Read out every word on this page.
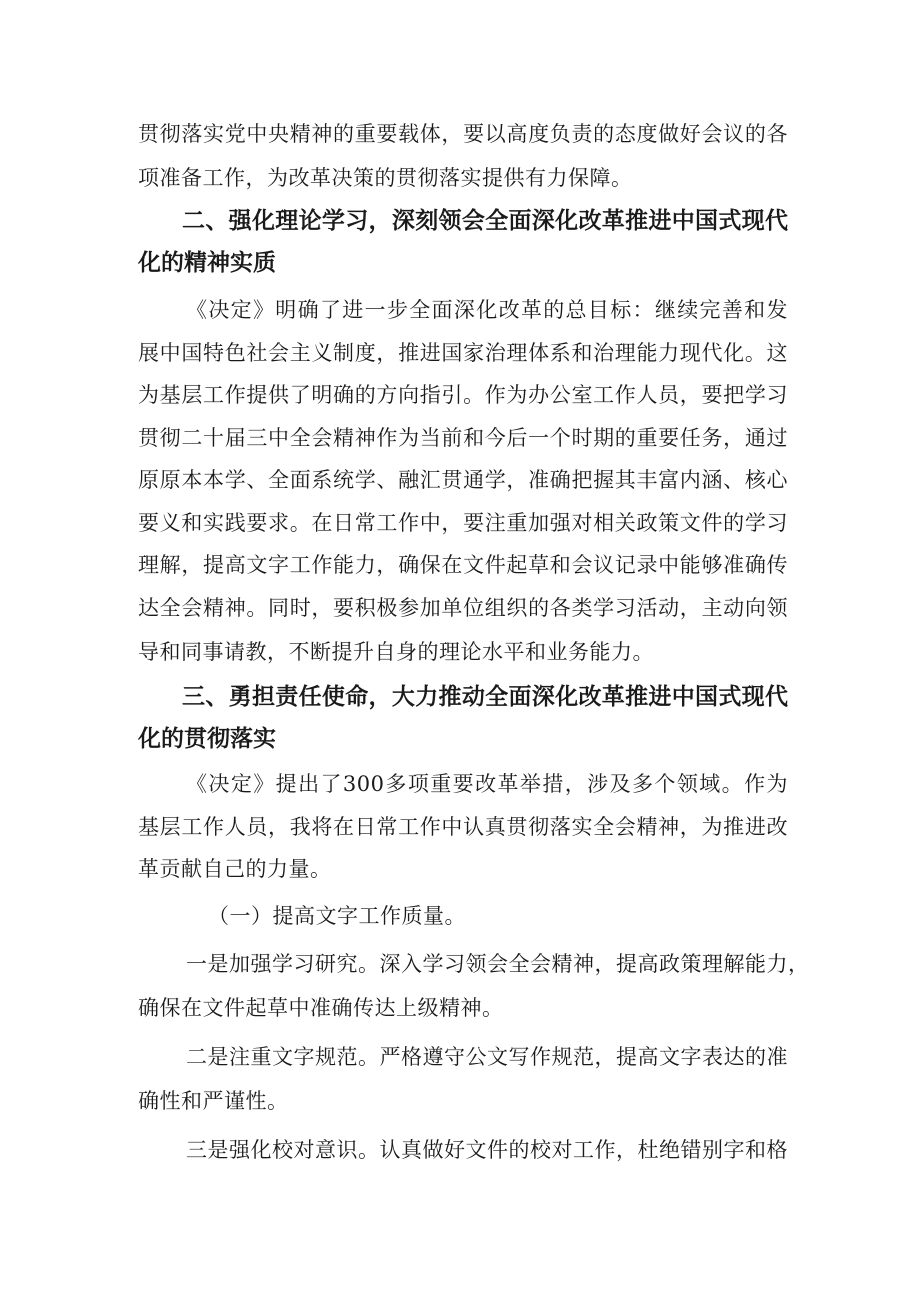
贯彻落实党中央精神的重要载体，要以高度负责的态度做好会议的各
项准备工作，为改革决策的贯彻落实提供有力保障。
二、强化理论学习，深刻领会全面深化改革推进中国式现代
化的精神实质
《决定》明确了进一步全面深化改革的总目标：继续完善和发
展中国特色社会主义制度，推进国家治理体系和治理能力现代化。这
为基层工作提供了明确的方向指引。作为办公室工作人员，要把学习
贯彻二十届三中全会精神作为当前和今后一个时期的重要任务，通过
原原本本学、全面系统学、融汇贯通学，准确把握其丰富内涵、核心
要义和实践要求。在日常工作中，要注重加强对相关政策文件的学习
理解，提高文字工作能力，确保在文件起草和会议记录中能够准确传
达全会精神。同时，要积极参加单位组织的各类学习活动，主动向领
导和同事请教，不断提升自身的理论水平和业务能力。
三、勇担责任使命，大力推动全面深化改革推进中国式现代
化的贯彻落实
《决定》提出了300多项重要改革举措，涉及多个领域。作为
基层工作人员，我将在日常工作中认真贯彻落实全会精神，为推进改
革贡献自己的力量。
（一）提高文字工作质量。
一是加强学习研究。深入学习领会全会精神，提高政策理解能力，
确保在文件起草中准确传达上级精神。
二是注重文字规范。严格遵守公文写作规范，提高文字表达的准
确性和严谨性。
三是强化校对意识。认真做好文件的校对工作，杜绝错别字和格
